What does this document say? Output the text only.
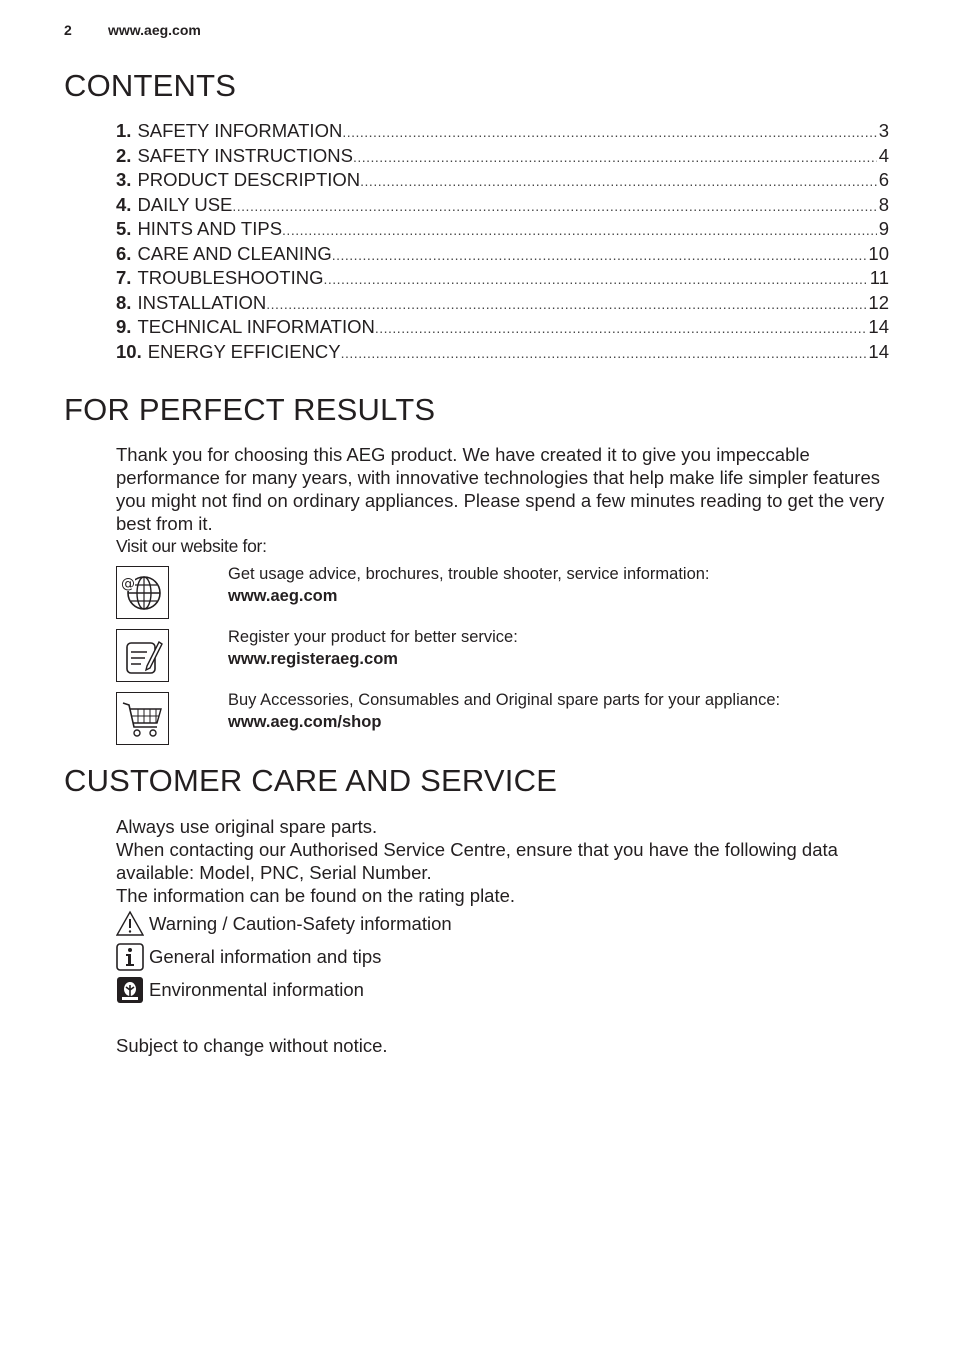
2	www.aeg.com
CONTENTS
1. SAFETY INFORMATION .....	3
2. SAFETY INSTRUCTIONS .....	4
3. PRODUCT DESCRIPTION .....	6
4. DAILY USE .....	8
5. HINTS AND TIPS .....	9
6. CARE AND CLEANING .....	10
7. TROUBLESHOOTING .....	11
8. INSTALLATION .....	12
9. TECHNICAL INFORMATION .....	14
10. ENERGY EFFICIENCY .....	14
FOR PERFECT RESULTS

Thank you for choosing this AEG product. We have created it to give you impeccable performance for many years, with innovative technologies that help make life simpler features you might not find on ordinary appliances. Please spend a few minutes reading to get the very best from it.

Visit our website for:

@
Get usage advice, brochures, trouble shooter, service information:
www.aeg.com
Register your product for better service:
www.registeraeg.com
Buy Accessories, Consumables and Original spare parts for your appliance:
www.aeg.com/shop
CUSTOMER CARE AND SERVICE
Always use original spare parts.
When contacting our Authorised Service Centre, ensure that you have the following data available: Model, PNC, Serial Number.
The information can be found on the rating plate.
Warning / Caution-Safety information
General information and tips
Environmental information

Subject to change without notice.
